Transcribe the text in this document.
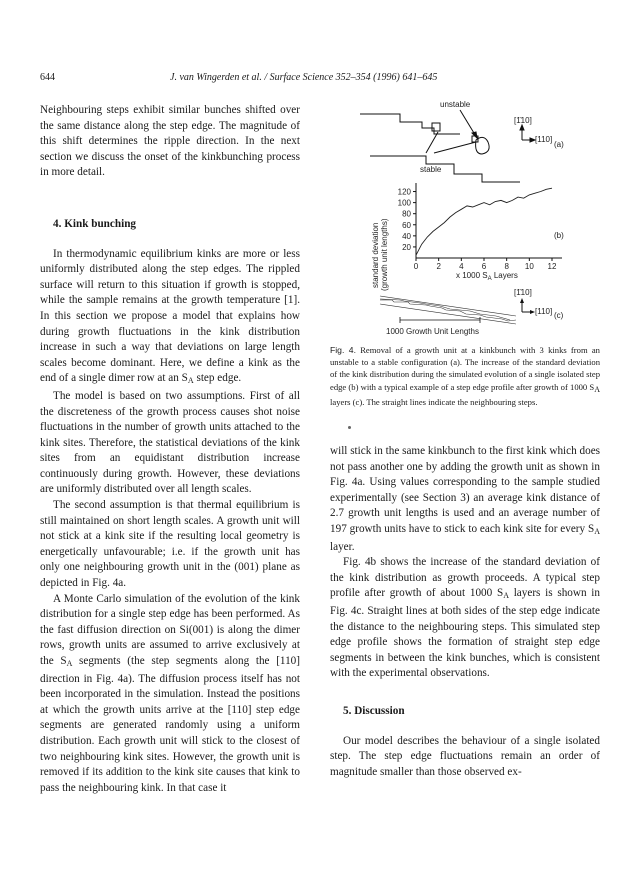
644	J. van Wingerden et al. / Surface Science 352–354 (1996) 641–645

Neighbouring steps exhibit similar bunches shifted over the same distance along the step edge. The magnitude of this shift determines the ripple direction. In the next section we discuss the onset of the kinkbunching process in more detail.

4. Kink bunching

In thermodynamic equilibrium kinks are more or less uniformly distributed along the step edges. The rippled surface will return to this situation if growth is stopped, while the sample remains at the growth temperature [1]. In this section we propose a model that explains how during growth fluctuations in the kink distribution increase in such a way that deviations on large length scales become dominant. Here, we define a kink as the end of a single dimer row at an $S_A$ step edge.

The model is based on two assumptions. First of all the discreteness of the growth process causes shot noise fluctuations in the number of growth units attached to the kink sites. Therefore, the statistical deviations of the kink sites from an equidistant distribution increase continuously during growth. However, these deviations are uniformly distributed over all length scales.

The second assumption is that thermal equilibrium is still maintained on short length scales. A growth unit will not stick at a kink site if the resulting local geometry is energetically unfavourable; i.e. if the growth unit has only one neighbouring growth unit in the (001) plane as depicted in Fig. 4a.

A Monte Carlo simulation of the evolution of the kink distribution for a single step edge has been performed. As the fast diffusion direction on Si(001) is along the dimer rows, growth units are assumed to arrive exclusively at the $S_A$ segments (the step segments along the [110] direction in Fig. 4a). The diffusion process itself has not been incorporated in the simulation. Instead the positions at which the growth units arrive at the [110] step edge segments are generated randomly using a uniform distribution. Each growth unit will stick to the closest of two neighbouring kink sites. However, the growth unit is removed if its addition to the kink site causes that kink to pass the neighbouring kink. In that case it

unstable
stable
[1̄10]
[110]
(a)
standard deviation (growth unit lengths)	0 2 4 6 8 10 12
20
40
60
80
100
120
x 1000 $S_A$ Layers
(b)
[1̄10]
[110] (c)
1000 Growth Unit Lengths
Fig. 4. Removal of a growth unit at a kinkbunch with 3 kinks from an unstable to a stable configuration (a). The increase of the standard deviation of the kink distribution during the simulated evolution of a single isolated step edge (b) with a typical example of a step edge profile after growth of 1000 SA layers (c). The straight lines indicate the neighbouring steps.

will stick in the same kinkbunch to the first kink which does not pass another one by adding the growth unit as shown in Fig. 4a. Using values corresponding to the sample studied experimentally (see Section 3) an average kink distance of 2.7 growth unit lengths is used and an average number of 197 growth units have to stick to each kink site for every $S_A$ layer.

Fig. 4b shows the increase of the standard deviation of the kink distribution as growth proceeds. A typical step profile after growth of about 1000 $S_A$ layers is shown in Fig. 4c. Straight lines at both sides of the step edge indicate the distance to the neighbouring steps. This simulated step edge profile shows the formation of straight step edge segments in between the kink bunches, which is consistent with the experimental observations.

5. Discussion

Our model describes the behaviour of a single isolated step. The step edge fluctuations remain an order of magnitude smaller than those observed ex-
